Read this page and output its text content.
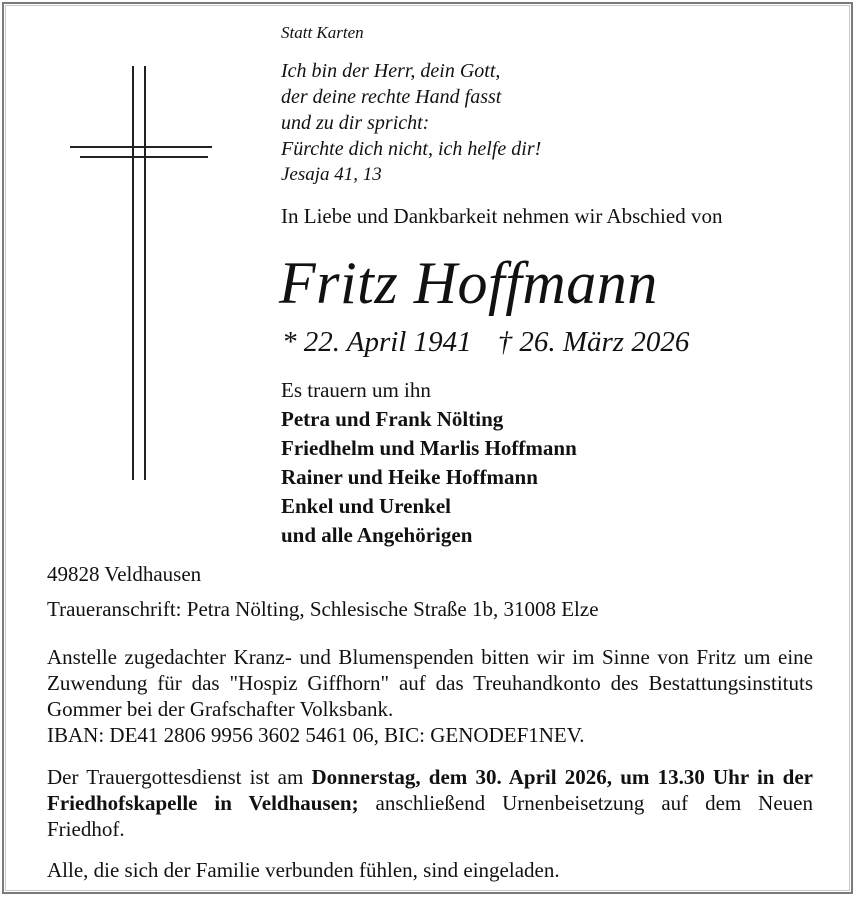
Statt Karten
Ich bin der Herr, dein Gott,
der deine rechte Hand fasst
und zu dir spricht:
Fürchte dich nicht, ich helfe dir!
Jesaja 41, 13
In Liebe und Dankbarkeit nehmen wir Abschied von
Fritz Hoffmann
* 22. April 1941 † 26. März 2026
Es trauern um ihn
Petra und Frank Nölting
Friedhelm und Marlis Hoffmann
Rainer und Heike Hoffmann
Enkel und Urenkel
und alle Angehörigen
49828 Veldhausen
Traueranschrift: Petra Nölting, Schlesische Straße 1b, 31008 Elze
Anstelle zugedachter Kranz- und Blumenspenden bitten wir im Sinne von Fritz um eine Zuwendung für das "Hospiz Giffhorn" auf das Treuhandkonto des Bestattungsinstituts Gommer bei der Grafschafter Volksbank.
IBAN: DE41 2806 9956 3602 5461 06, BIC: GENODEF1NEV.
Der Trauergottesdienst ist am Donnerstag, dem 30. April 2026, um 13.30 Uhr in der Friedhofskapelle in Veldhausen; anschließend Urnenbeisetzung auf dem Neuen Friedhof.
Alle, die sich der Familie verbunden fühlen, sind eingeladen.
